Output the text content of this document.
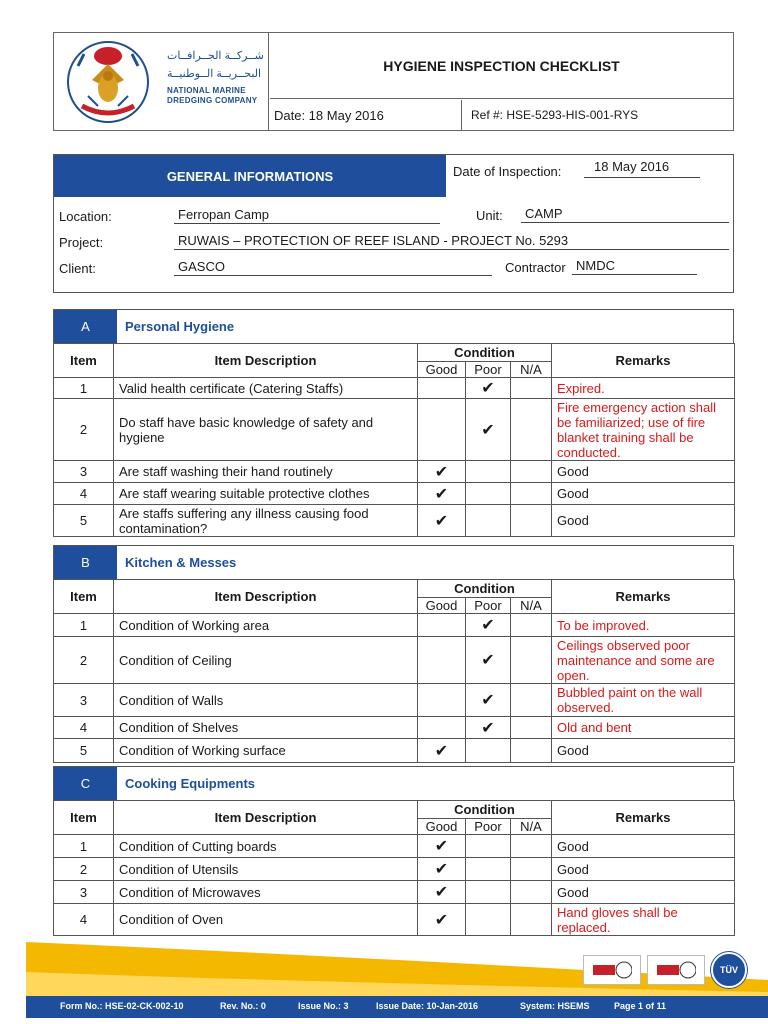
شــركــة الجــرافــات
البحــريــة الــوطنيــة
NATIONAL MARINE
DREDGING COMPANY
HYGIENE INSPECTION CHECKLIST
Date: 18 May 2016	Ref #: HSE-5293-HIS-001-RYS
GENERAL INFORMATIONS	Date of Inspection:	18 May 2016
Location:	Ferropan Camp	Unit:	CAMP
Project:	RUWAIS – PROTECTION OF REEF ISLAND - PROJECT No. 5293
Client:	GASCO	Contractor NMDC
A	Personal Hygiene
Item	Item Description	Condition			Remarks
		Good	Poor	N/A	
1	Valid health certificate (Catering Staffs)		✔		Expired.
2	Do staff have basic knowledge of safety and hygiene		✔		Fire emergency action shall be familiarized; use of fire blanket training shall be conducted.
3	Are staff washing their hand routinely	✔			Good
4	Are staff wearing suitable protective clothes	✔			Good
5	Are staffs suffering any illness causing food contamination?	✔			Good
B	Kitchen & Messes
Item	Item Description	Condition			Remarks
		Good	Poor	N/A	
1	Condition of Working area		✔		To be improved.
2	Condition of Ceiling		✔		Ceilings observed poor maintenance and some are open.
3	Condition of Walls		✔		Bubbled paint on the wall observed.
4	Condition of Shelves		✔		Old and bent
5	Condition of Working surface	✔			Good
C	Cooking Equipments
Item	Item Description	Condition			Remarks
		Good	Poor	N/A	
1	Condition of Cutting boards	✔			Good
2	Condition of Utensils	✔			Good
3	Condition of Microwaves	✔			Good
4	Condition of Oven	✔			Hand gloves shall be replaced.
TÜV
Form No.: HSE-02-CK-002-10	Rev. No.: 0	Issue No.: 3	Issue Date: 10-Jan-2016	System: HSEMS	Page 1 of 11
